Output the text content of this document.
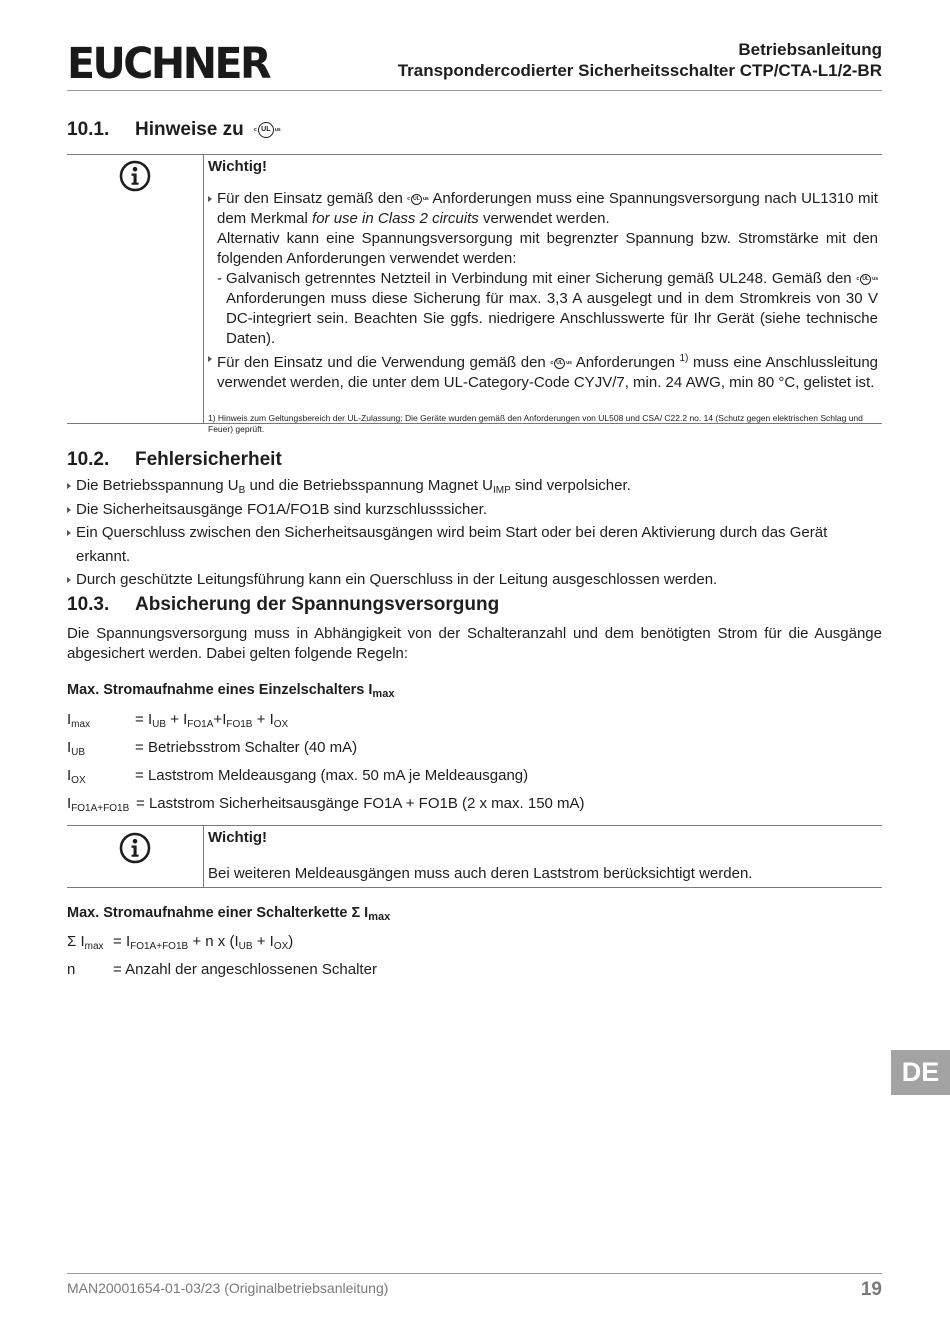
EUCHNER	Betriebsanleitung
Transpondercodierter Sicherheitsschalter CTP/CTA-L1/2-BR
10.1. Hinweise zu c UL us
Wichtig!
Für den Einsatz gemäß den c UL us Anforderungen muss eine Spannungsversorgung nach UL1310 mit dem Merkmal for use in Class 2 circuits verwendet werden.
Alternativ kann eine Spannungsversorgung mit begrenzter Spannung bzw. Stromstärke mit den folgenden Anforderungen verwendet werden:
- Galvanisch getrenntes Netzteil in Verbindung mit einer Sicherung gemäß UL248. Gemäß den c UL us
Anforderungen muss diese Sicherung für max. 3,3 A ausgelegt und in dem Stromkreis von 30 V DC-integriert sein. Beachten Sie ggfs. niedrigere Anschlusswerte für Ihr Gerät (siehe technische Daten).
Für den Einsatz und die Verwendung gemäß den c UL us Anforderungen $^{1)}$ muss eine Anschlussleitung verwendet werden, die unter dem UL-Category-Code CYJV/7, min. 24 AWG, min 80 °C, gelistet ist.
1) Hinweis zum Geltungsbereich der UL-Zulassung: Die Geräte wurden gemäß den Anforderungen von UL508 und CSA/ C22.2 no. 14 (Schutz gegen elektrischen Schlag und Feuer) geprüft.
10.2. Fehlersicherheit
Die Betriebsspannung $U_B$ und die Betriebsspannung Magnet $U_{IMP}$ sind verpolsicher.
Die Sicherheitsausgänge FO1A/FO1B sind kurzschlusssicher.
Ein Querschluss zwischen den Sicherheitsausgängen wird beim Start oder bei deren Aktivierung durch das Gerät erkannt.
Durch geschützte Leitungsführung kann ein Querschluss in der Leitung ausgeschlossen werden.
10.3. Absicherung der Spannungsversorgung
Die Spannungsversorgung muss in Abhängigkeit von der Schalteranzahl und dem benötigten Strom für die Ausgänge abgesichert werden. Dabei gelten folgende Regeln:
Max. Stromaufnahme eines Einzelschalters $I_{max}$
$I_{max}$	= $I_{UB} + I_{FO1A}+I_{FO1B} + I_{OX}$
$I_{UB}$	= Betriebsstrom Schalter (40 mA)
$I_{OX}$	= Laststrom Meldeausgang (max. 50 mA je Meldeausgang)
$I_{FO1A+FO1B}$ = Laststrom Sicherheitsausgänge FO1A + FO1B (2 x max. 150 mA)
Wichtig!
Bei weiteren Meldeausgängen muss auch deren Laststrom berücksichtigt werden.
Max. Stromaufnahme einer Schalterkette Σ $I_{max}$
Σ $I_{max} = I_{FO1A+FO1B} + n$ x $(I_{UB} + I_{OX})$
n	= Anzahl der angeschlossenen Schalter
DE
MAN20001654-01-03/23 (Originalbetriebsanleitung)	19
